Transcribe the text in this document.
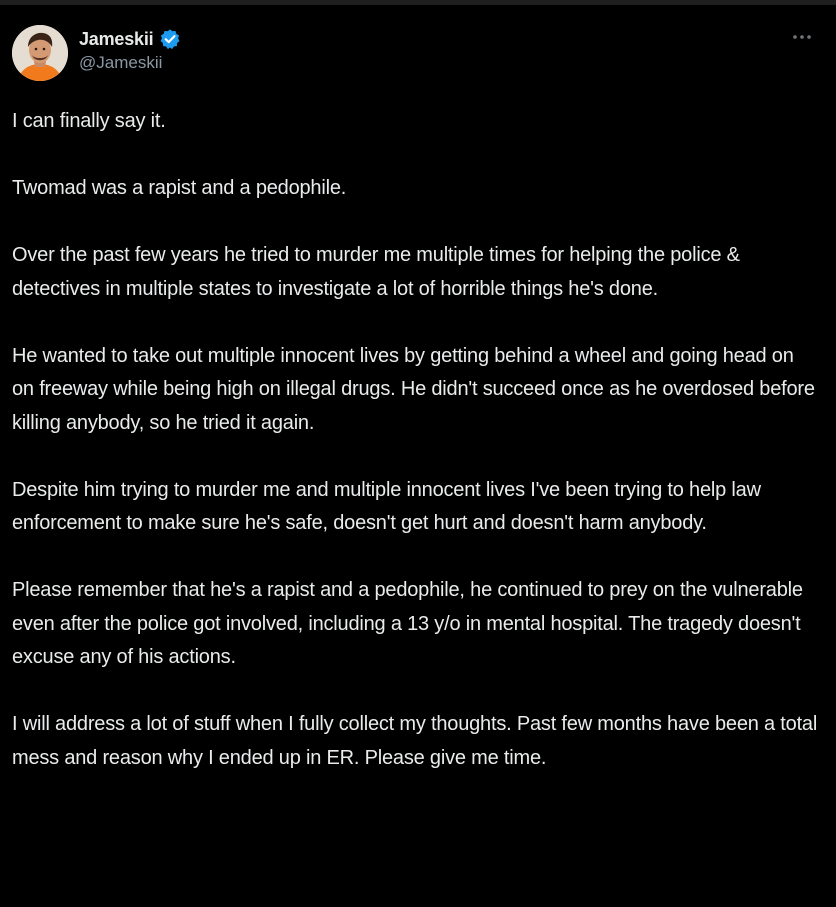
Jameskii
@Jameskii

I can finally say it.

Twomad was a rapist and a pedophile.

Over the past few years he tried to murder me multiple times for helping the police & detectives in multiple states to investigate a lot of horrible things he's done.

He wanted to take out multiple innocent lives by getting behind a wheel and going head on on freeway while being high on illegal drugs. He didn't succeed once as he overdosed before killing anybody, so he tried it again.

Despite him trying to murder me and multiple innocent lives I've been trying to help law enforcement to make sure he's safe, doesn't get hurt and doesn't harm anybody.

Please remember that he's a rapist and a pedophile, he continued to prey on the vulnerable even after the police got involved, including a 13 y/o in mental hospital. The tragedy doesn't excuse any of his actions.

I will address a lot of stuff when I fully collect my thoughts. Past few months have been a total mess and reason why I ended up in ER. Please give me time.
